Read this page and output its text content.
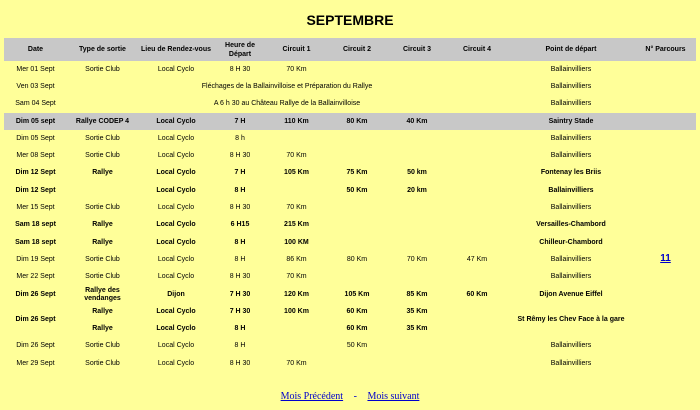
SEPTEMBRE
Date	Type de sortie	Lieu de Rendez-vous	Heure de Départ	Circuit 1	Circuit 2	Circuit 3	Circuit 4	Point de départ	N° Parcours
Mer 01 Sept	Sortie Club	Local Cyclo	8 H 30	70 Km				Ballainvilliers	
Ven 03 Sept	Fléchages de la Ballainvilloise et Préparation du Rallye							Ballainvilliers	
Sam 04 Sept	A 6 h 30 au Château Rallye de la Ballainvilloise							Ballainvilliers	
Dim 05 sept	Rallye CODEP 4	Local Cyclo	7 H	110 Km	80 Km	40 Km		Saintry Stade	
Dim 05 Sept	Sortie Club	Local Cyclo	8 h					Ballainvilliers	
Mer 08 Sept	Sortie Club	Local Cyclo	8 H 30	70 Km				Ballainvilliers	
Dim 12 Sept	Rallye	Local Cyclo	7 H	105 Km	75 Km	50 km		Fontenay les Briis	
Dim 12 Sept		Local Cyclo	8 H		50 Km	20 km		Ballainvilliers	
Mer 15 Sept	Sortie Club	Local Cyclo	8 H 30	70 Km				Ballainvilliers	
Sam 18 sept	Rallye	Local Cyclo	6 H15	215 Km				Versailles-Chambord	
Sam 18 sept	Rallye	Local Cyclo	8 H	100 KM				Chilleur-Chambord	
Dim 19 Sept	Sortie Club	Local Cyclo	8 H	86 Km	80 Km	70 Km	47 Km	Ballainvilliers	11
Mer 22 Sept	Sortie Club	Local Cyclo	8 H 30	70 Km				Ballainvilliers	
Dim 26 Sept	Rallye des vendanges	Dijon	7 H 30	120 Km	105 Km	85 Km	60 Km	Dijon Avenue Eiffel	
Dim 26 Sept	Rallye	Local Cyclo	7 H 30	100 Km	60 Km	35 Km		St Rêmy les Chev Face à la gare	
	Rallye	Local Cyclo	8 H		60 Km	35 Km			
Dim 26 Sept	Sortie Club	Local Cyclo	8 H		50 Km			Ballainvilliers	
Mer 29 Sept	Sortie Club	Local Cyclo	8 H 30	70 Km				Ballainvilliers	
Mois Précédent - Mois suivant
